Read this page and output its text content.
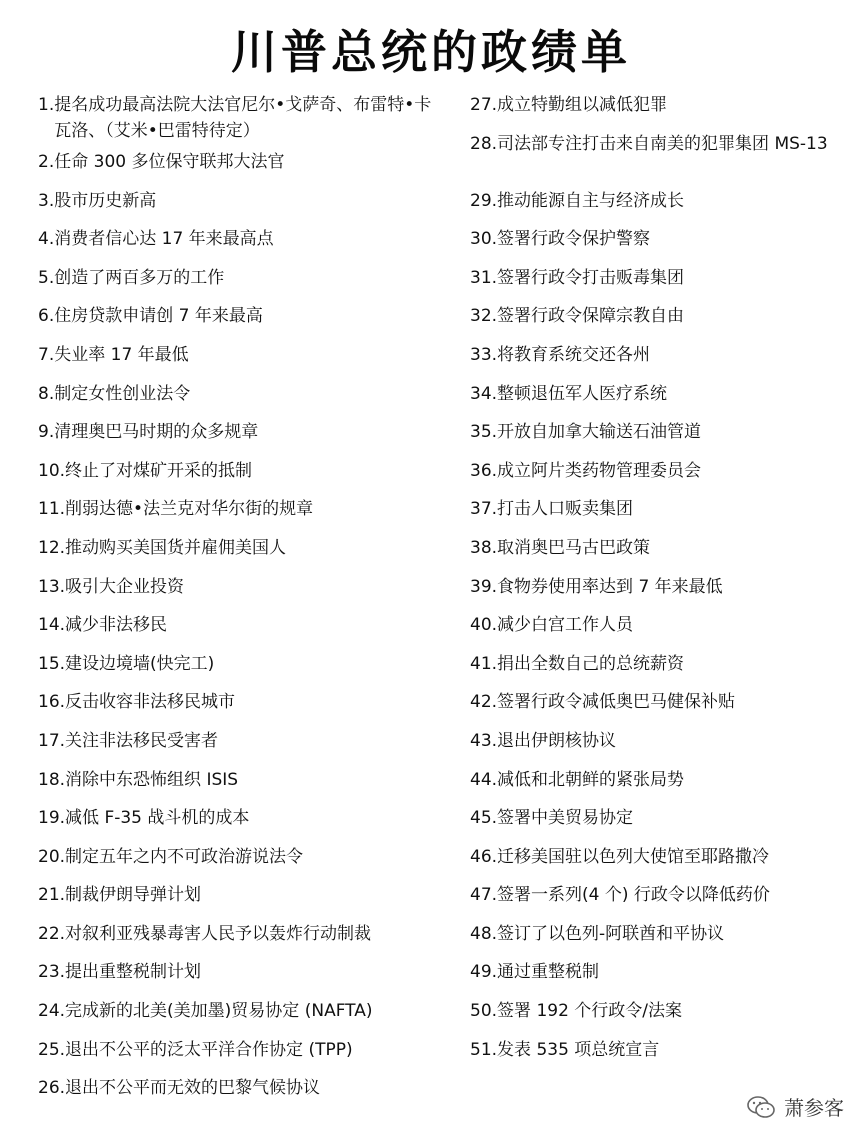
川普总统的政绩单
1. 提名成功最高法院大法官尼尔•戈萨奇、布雷特•卡瓦洛、（艾米•巴雷特待定）
2. 任命 300 多位保守联邦大法官
3. 股市历史新高
4. 消费者信心达 17 年来最高点
5. 创造了两百多万的工作
6. 住房贷款申请创 7 年来最高
7. 失业率 17 年最低
8. 制定女性创业法令
9. 清理奥巴马时期的众多规章
10. 终止了对煤矿开采的抵制
11. 削弱达德•法兰克对华尔街的规章
12. 推动购买美国货并雇佣美国人
13. 吸引大企业投资
14. 减少非法移民
15. 建设边境墙(快完工)
16. 反击收容非法移民城市
17. 关注非法移民受害者
18. 消除中东恐怖组织 ISIS
19. 减低 F-35 战斗机的成本
20. 制定五年之内不可政治游说法令
21. 制裁伊朗导弹计划
22. 对叙利亚残暴毒害人民予以轰炸行动制裁
23. 提出重整税制计划
24. 完成新的北美(美加墨)贸易协定 (NAFTA)
25. 退出不公平的泛太平洋合作协定 (TPP)
26. 退出不公平而无效的巴黎气候协议
27. 成立特勤组以减低犯罪
28. 司法部专注打击来自南美的犯罪集团 MS-13
29. 推动能源自主与经济成长
30. 签署行政令保护警察
31. 签署行政令打击贩毒集团
32. 签署行政令保障宗教自由
33. 将教育系统交还各州
34. 整顿退伍军人医疗系统
35. 开放自加拿大输送石油管道
36. 成立阿片类药物管理委员会
37. 打击人口贩卖集团
38. 取消奥巴马古巴政策
39. 食物券使用率达到 7 年来最低
40. 减少白宫工作人员
41. 捐出全数自己的总统薪资
42. 签署行政令减低奥巴马健保补贴
43. 退出伊朗核协议
44. 减低和北朝鲜的紧张局势
45. 签署中美贸易协定
46. 迁移美国驻以色列大使馆至耶路撒冷
47. 签署一系列(4 个) 行政令以降低药价
48. 签订了以色列-阿联酋和平协议
49. 通过重整税制
50. 签署 192 个行政令/法案
51. 发表 535 项总统宣言
萧参客
